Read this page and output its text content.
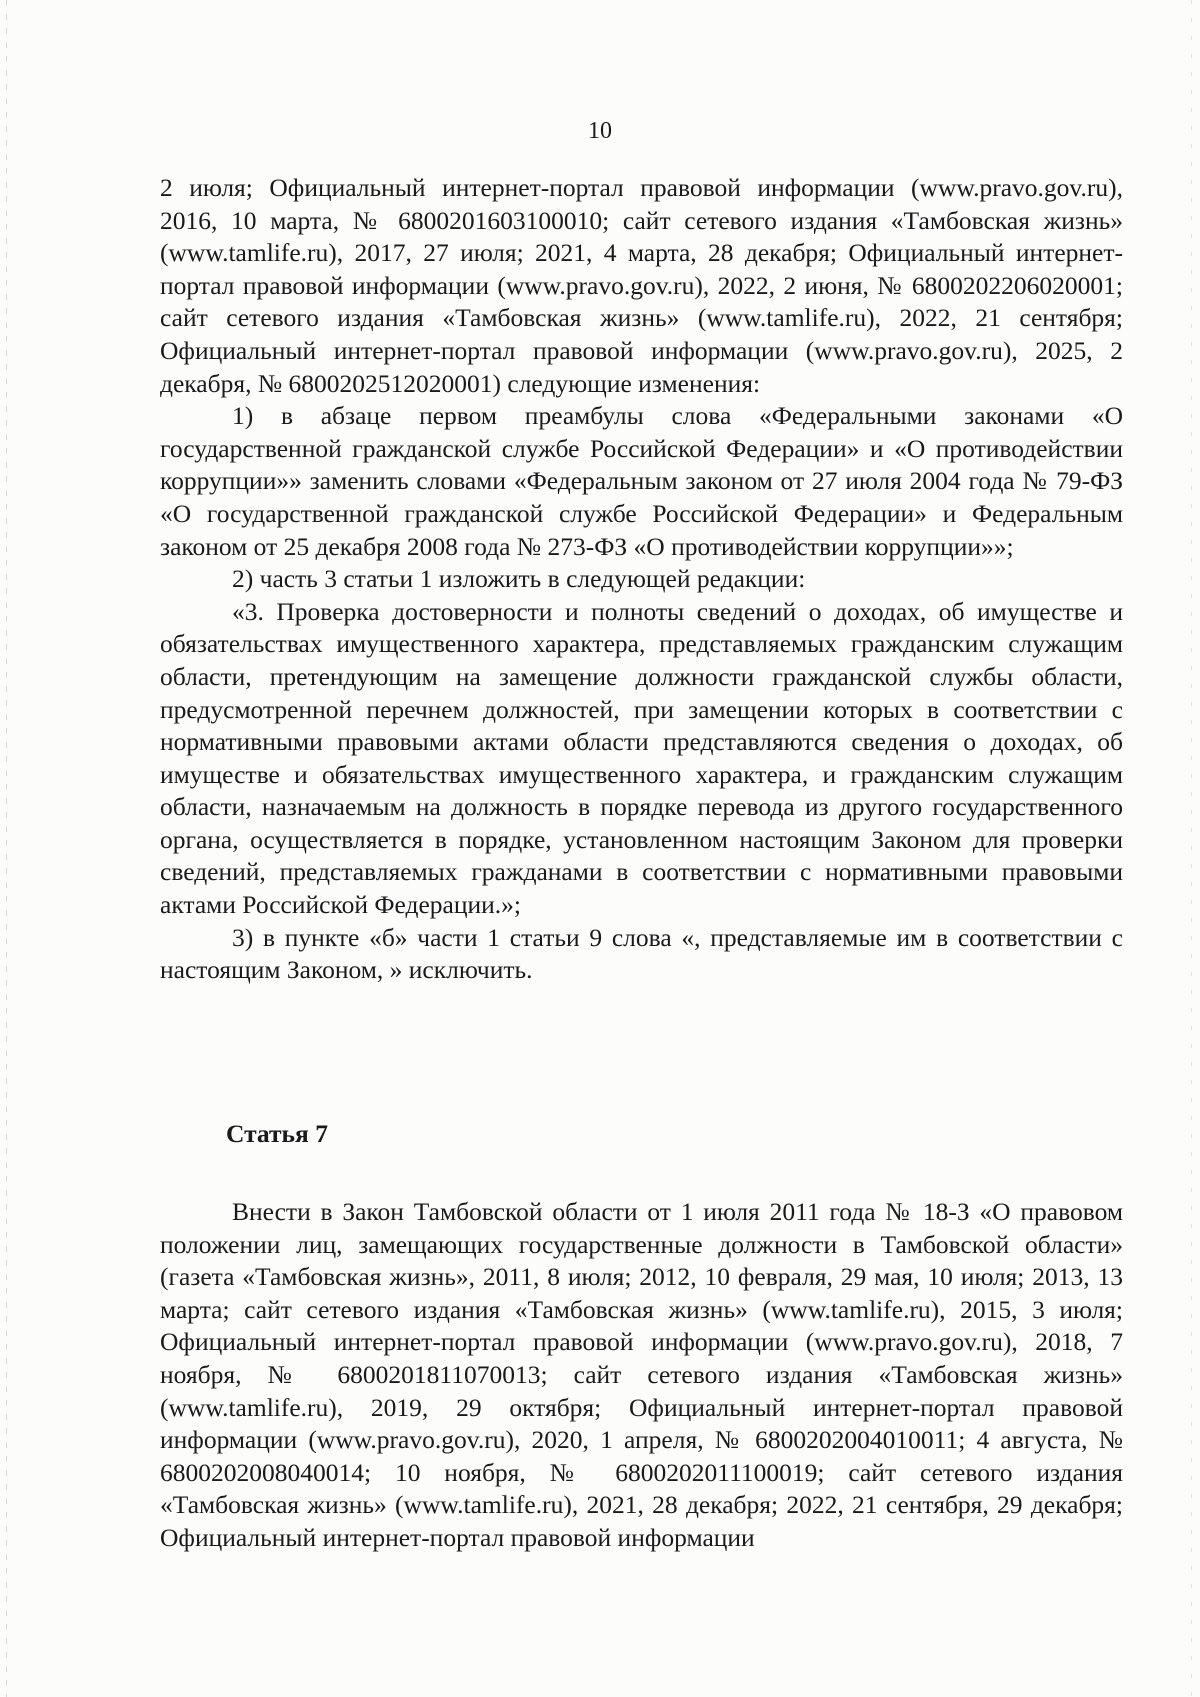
10

2 июля; Официальный интернет-портал правовой информации (www.pravo.gov.ru), 2016, 10 марта, № 6800201603100010; сайт сетевого издания «Тамбовская жизнь» (www.tamlife.ru), 2017, 27 июля; 2021, 4 марта, 28 декабря; Официальный интернет-портал правовой информации (www.pravo.gov.ru), 2022, 2 июня, № 6800202206020001; сайт сетевого издания «Тамбовская жизнь» (www.tamlife.ru), 2022, 21 сентября; Официальный интернет-портал правовой информации (www.pravo.gov.ru), 2025, 2 декабря, № 6800202512020001) следующие изменения:

1) в абзаце первом преамбулы слова «Федеральными законами «О государственной гражданской службе Российской Федерации» и «О противодействии коррупции»» заменить словами «Федеральным законом от 27 июля 2004 года № 79-ФЗ «О государственной гражданской службе Российской Федерации» и Федеральным законом от 25 декабря 2008 года № 273-ФЗ «О противодействии коррупции»»;

2) часть 3 статьи 1 изложить в следующей редакции:

«3. Проверка достоверности и полноты сведений о доходах, об имуществе и обязательствах имущественного характера, представляемых гражданским служащим области, претендующим на замещение должности гражданской службы области, предусмотренной перечнем должностей, при замещении которых в соответствии с нормативными правовыми актами области представляются сведения о доходах, об имуществе и обязательствах имущественного характера, и гражданским служащим области, назначаемым на должность в порядке перевода из другого государственного органа, осуществляется в порядке, установленном настоящим Законом для проверки сведений, представляемых гражданами в соответствии с нормативными правовыми актами Российской Федерации.»;

3) в пункте «б» части 1 статьи 9 слова «, представляемые им в соответствии с настоящим Законом, » исключить.

Статья 7

Внести в Закон Тамбовской области от 1 июля 2011 года № 18-З «О правовом положении лиц, замещающих государственные должности в Тамбовской области» (газета «Тамбовская жизнь», 2011, 8 июля; 2012, 10 февраля, 29 мая, 10 июля; 2013, 13 марта; сайт сетевого издания «Тамбовская жизнь» (www.tamlife.ru), 2015, 3 июля; Официальный интернет-портал правовой информации (www.pravo.gov.ru), 2018, 7 ноября, № 6800201811070013; сайт сетевого издания «Тамбовская жизнь» (www.tamlife.ru), 2019, 29 октября; Официальный интернет-портал правовой информации (www.pravo.gov.ru), 2020, 1 апреля, № 6800202004010011; 4 августа, № 6800202008040014; 10 ноября, № 6800202011100019; сайт сетевого издания «Тамбовская жизнь» (www.tamlife.ru), 2021, 28 декабря; 2022, 21 сентября, 29 декабря; Официальный интернет-портал правовой информации
